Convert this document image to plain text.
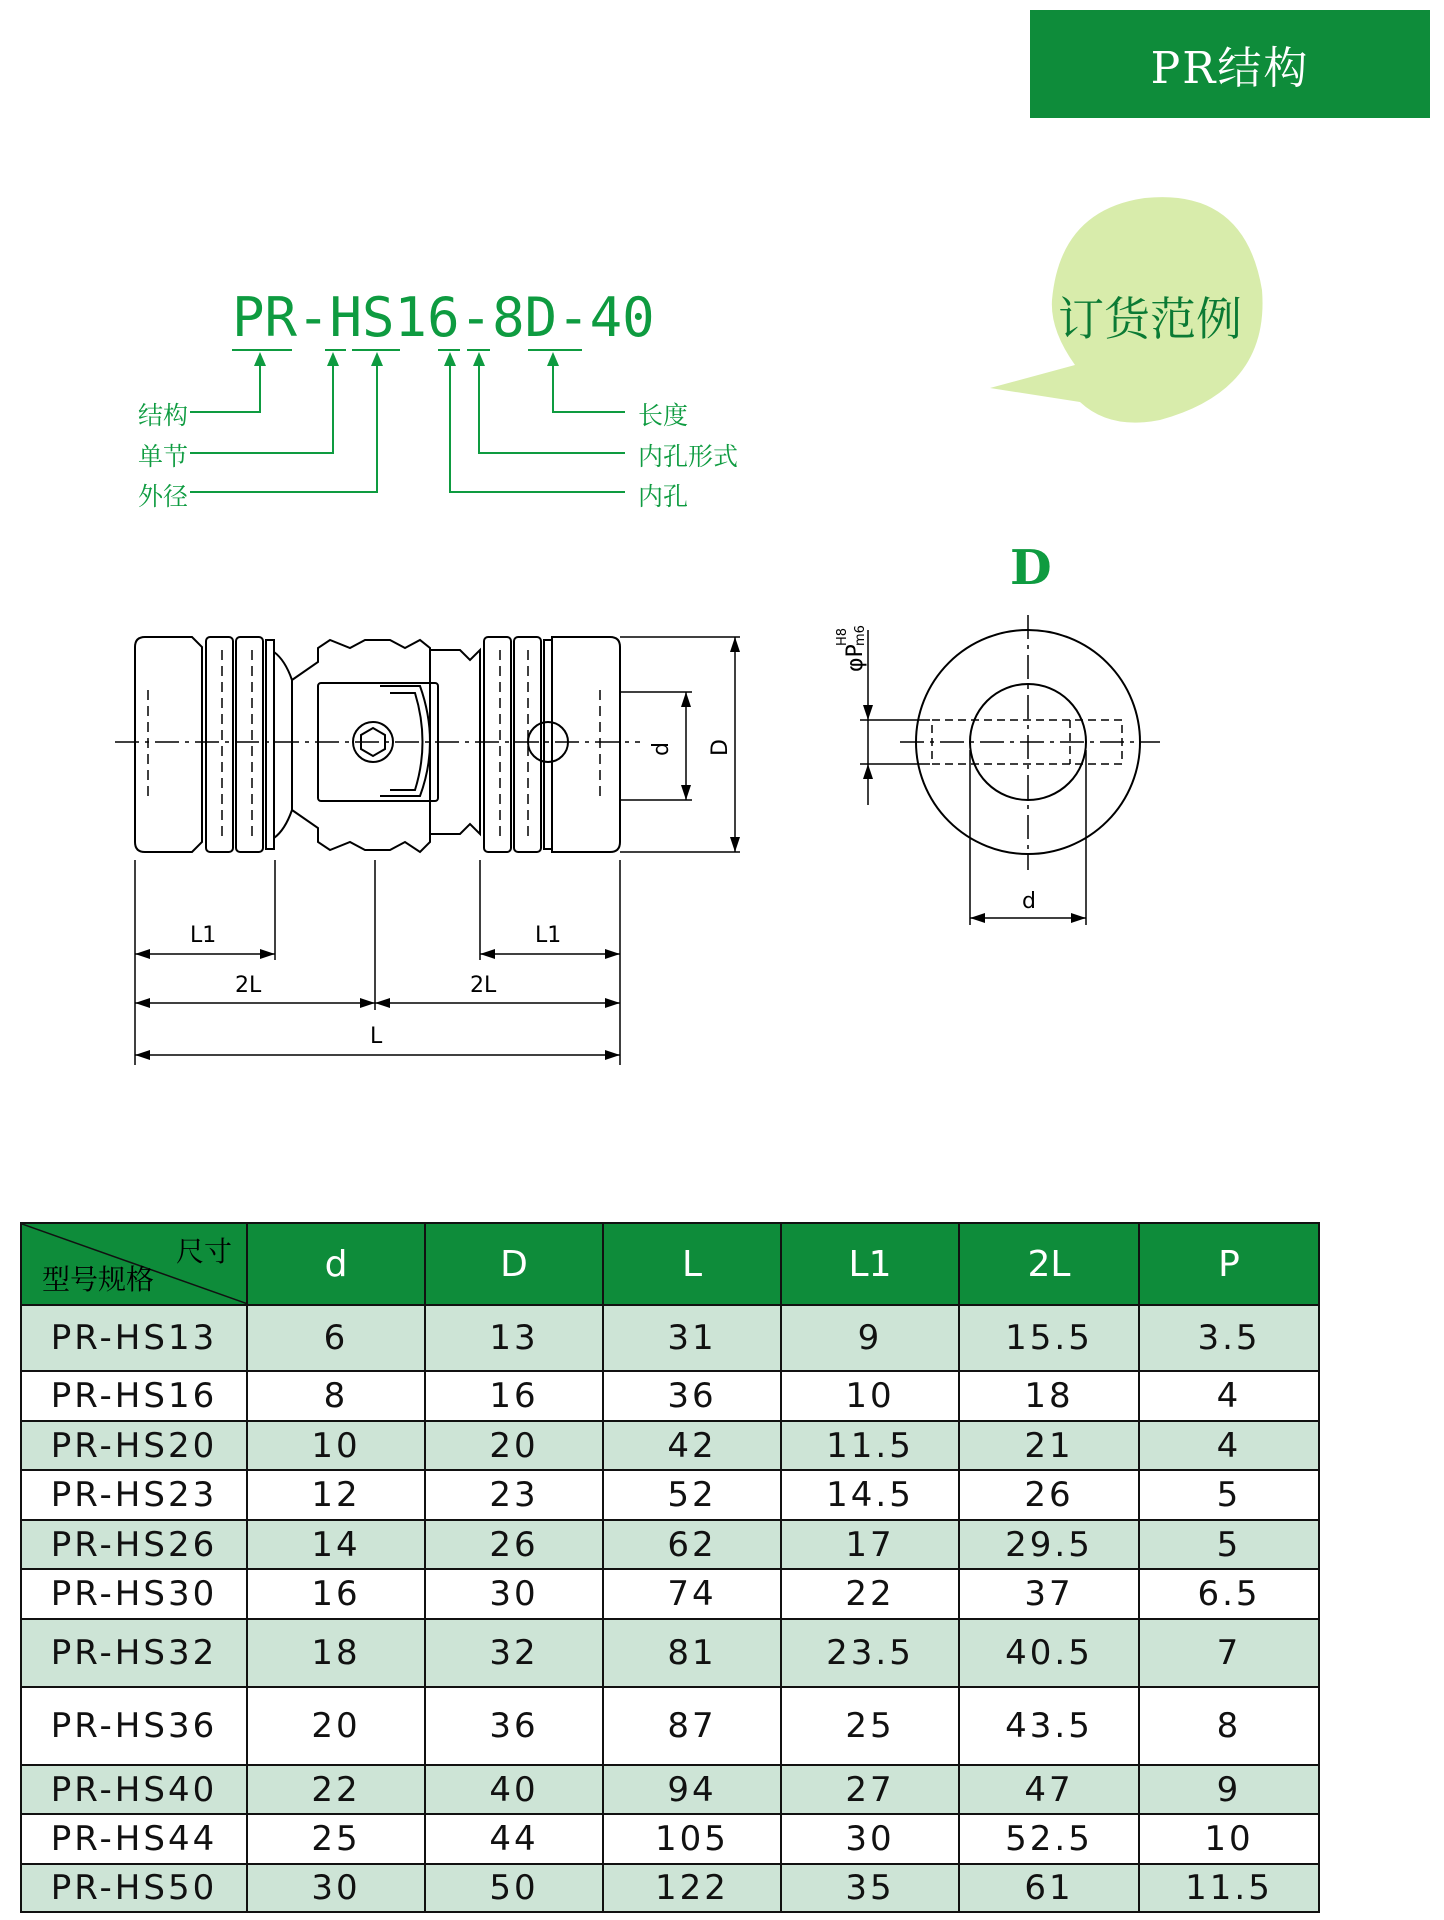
PR结构
订货范例
PR-HS16-8D-40
结构
单节
外径
长度
内孔形式
内孔
D
d D
L1	L1
2L	2L
L
d
φP
H8 m6
尺寸
型号规格	d	D	L	L1	2L	P
PR-HS13	6	13	31	9	15.5	3.5
PR-HS16	8	16	36	10	18	4
PR-HS20	10	20	42	11.5	21	4
PR-HS23	12	23	52	14.5	26	5
PR-HS26	14	26	62	17	29.5	5
PR-HS30	16	30	74	22	37	6.5
PR-HS32	18	32	81	23.5	40.5	7
PR-HS36	20	36	87	25	43.5	8
PR-HS40	22	40	94	27	47	9
PR-HS44	25	44	105	30	52.5	10
PR-HS50	30	50	122	35	61	11.5
